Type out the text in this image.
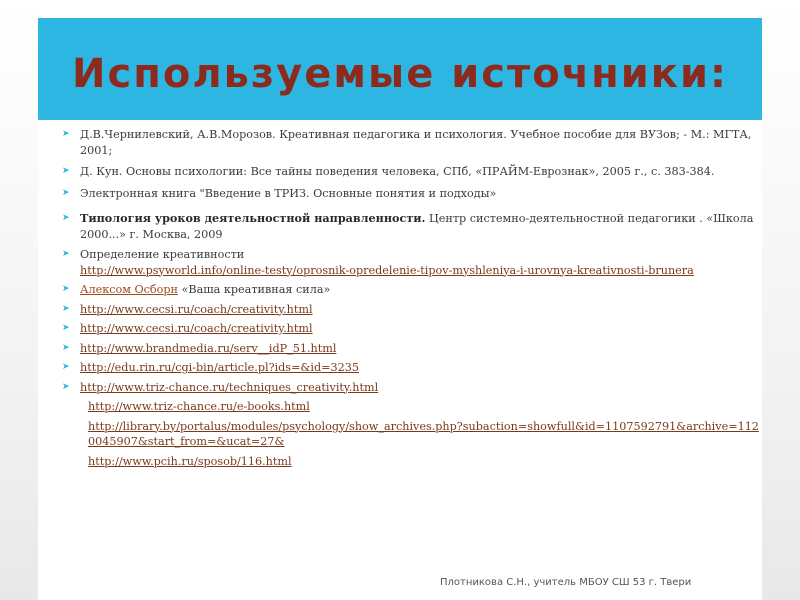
Используемые источники:
➤ Д.В.Чернилевский, А.В.Морозов. Креативная педагогика и психология. Учебное пособие для ВУЗов; - М.: МГТА, 2001;
➤ Д. Кун. Основы психологии: Все тайны поведения человека, СПб, «ПРАЙМ-Еврознак», 2005 г., с. 383-384.
➤ Электронная книга "Введение в ТРИЗ. Основные понятия и подходы»
➤ Типология уроков деятельностной направленности. Центр системно-деятельностной педагогики . «Школа 2000...» г. Москва, 2009
➤ Определение креативности
http://www.psyworld.info/online-testy/oprosnik-opredelenie-tipov-myshleniya-i-urovnya-kreativnosti-brunera
➤ Алексом Осборн «Ваша креативная сила»
➤ http://www.cecsi.ru/coach/creativity.html
➤ http://www.cecsi.ru/coach/creativity.html
➤ http://www.brandmedia.ru/serv__idP_51.html
➤ http://edu.rin.ru/cgi-bin/article.pl?ids=&id=3235
➤ http://www.triz-chance.ru/techniques_creativity.html
http://www.triz-chance.ru/e-books.html
http://library.by/portalus/modules/psychology/show_archives.php?subaction=showfull&id=1107592791&archive=1120045907&start_from=&ucat=27&
http://www.pcih.ru/sposob/116.html
Плотникова С.Н., учитель МБОУ СШ 53 г. Твери
